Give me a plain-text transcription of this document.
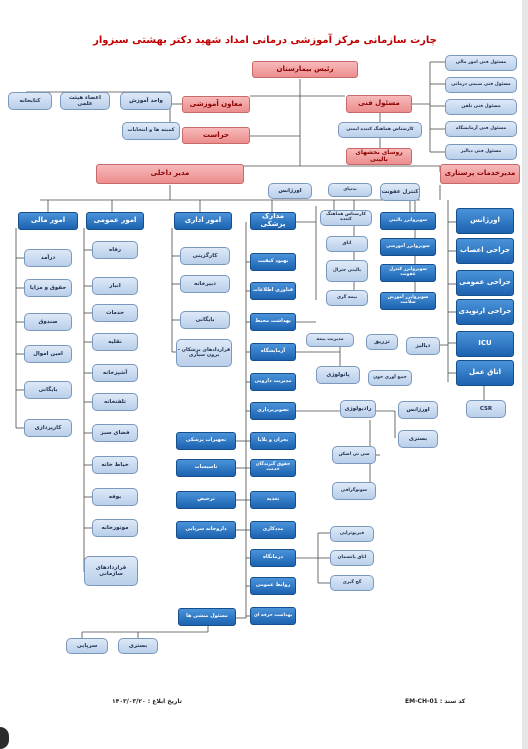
چارت سازمانی مرکز آموزشی درمانی امداد شهید دکتر بهشتی سبزوار
رئیس بیمارستان
مسئول فنی
معاون آموزشی
حراست
مدیر داخلی	مدیرخدمات پرستاری
مسئول فنی امور مالی
مسئول فنی شیمی درمانی
مسئول فنی تلفن
مسئول فنی آزمایشگاه
مسئول فنی دیالیز
کارشناس هماهنگ کننده ایمنی
روسای بخشهای بالینی
کتابخانه
اعضاء هیئت علمی
واحد آموزش
کمیته ها و انتخابات
امور مالی	امور عمومی	امور اداری	مدارک پزشکی
درآمد
حقوق و مزایا
صندوق
امین اموال
بایگانی
کارپردازی
رفاه
انبار
خدمات
نقلیه
آشپزخانه
تلفنخانه
فضای سبز
خیاط خانه
بوفه
موتورخانه
قراردادهای سازمانی
کارگزینی
دبیرخانه
بایگانی
قراردادهای پزشکان - برون سپاری
بهبود کیفیت
فناوری اطلاعات
بهداشت محیط
آزمایشگاه
مدیریت دارویی
تصویربرداری
بحران و بلایا
حقوق گیرندگان خدمت
تغذیه
مددکاری
درمانگاه
روابط عمومی
بهداشت حرفه ای
تجهیزات پزشکی
تاسیسات
ترخیص
داروخانه سرپایی
مسئول منشی ها
بستری
سرپایی
بدنیای
اورژانس
کارشناس هماهنگ کننده
کنترل عفونت
اتاق
بالینی جنرال
بیمه گری
سوپروایزر بالینی
سوپروایزر آموزشی
سوپروایزر کنترل عفونت
سوپروایزر آموزش سلامت
مدیریت بیمه	تزریق
پاتولوژی	جمع آوری خون
رادیولوژی	اورژانس
بستری
سی تی اسکن
سونوگرافی
فیزیوتراپی
اتاق پانسمان
گچ گیری
اورژانس
جراحی اعصاب
جراحی عمومی
جراحی ارتوپدی
ICU
اتاق عمل
CSR
دیالیز
تاریخ ابلاغ : ۱۴۰۳/۰۳/۲۰	کد سند : EM-CH-01
